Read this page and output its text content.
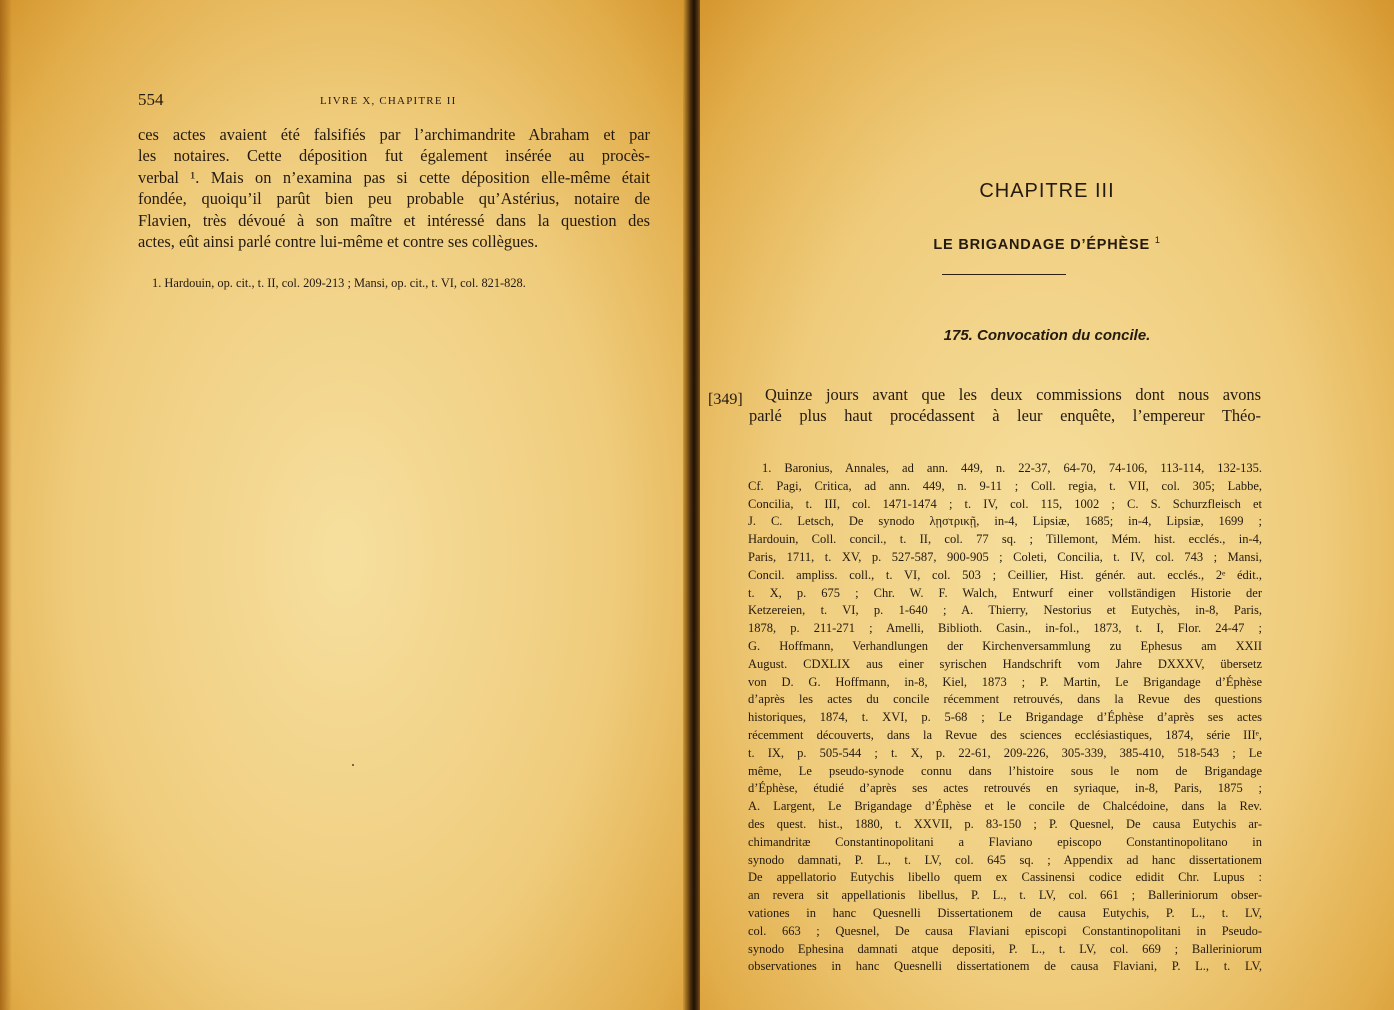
554	LIVRE X, CHAPITRE II
ces actes avaient été falsifiés par l’archimandrite Abraham et par
les notaires. Cette déposition fut également insérée au procès-
verbal ¹. Mais on n’examina pas si cette déposition elle-même était
fondée, quoiqu’il parût bien peu probable qu’Astérius, notaire de
Flavien, très dévoué à son maître et intéressé dans la question des
actes, eût ainsi parlé contre lui-même et contre ses collègues.
1. Hardouin, op. cit., t. II, col. 209-213 ; Mansi, op. cit., t. VI, col. 821-828.
CHAPITRE III
LE BRIGANDAGE D’ÉPHÈSE $^1$
175. Convocation du concile.
[349]	Quinze jours avant que les deux commissions dont nous avons
parlé plus haut procédassent à leur enquête, l’empereur Théo-
1. Baronius, Annales, ad ann. 449, n. 22-37, 64-70, 74-106, 113-114, 132-135.
Cf. Pagi, Critica, ad ann. 449, n. 9-11 ; Coll. regia, t. VII, col. 305; Labbe,
Concilia, t. III, col. 1471-1474 ; t. IV, col. 115, 1002 ; C. S. Schurzfleisch et
J. C. Letsch, De synodo λῃστρικῇ, in-4, Lipsiæ, 1685; in-4, Lipsiæ, 1699 ;
Hardouin, Coll. concil., t. II, col. 77 sq. ; Tillemont, Mém. hist. ecclés., in-4,
Paris, 1711, t. XV, p. 527-587, 900-905 ; Coleti, Concilia, t. IV, col. 743 ; Mansi,
Concil. ampliss. coll., t. VI, col. 503 ; Ceillier, Hist. génér. aut. ecclés., 2ᵉ édit.,
t. X, p. 675 ; Chr. W. F. Walch, Entwurf einer vollständigen Historie der
Ketzereien, t. VI, p. 1-640 ; A. Thierry, Nestorius et Eutychès, in-8, Paris,
1878, p. 211-271 ; Amelli, Biblioth. Casin., in-fol., 1873, t. I, Flor. 24-47 ;
G. Hoffmann, Verhandlungen der Kirchenversammlung zu Ephesus am XXII
August. CDXLIX aus einer syrischen Handschrift vom Jahre DXXXV, übersetz
von D. G. Hoffmann, in-8, Kiel, 1873 ; P. Martin, Le Brigandage d’Éphèse
d’après les actes du concile récemment retrouvés, dans la Revue des questions
historiques, 1874, t. XVI, p. 5-68 ; Le Brigandage d’Éphèse d’après ses actes
récemment découverts, dans la Revue des sciences ecclésiastiques, 1874, série IIIᵉ,
t. IX, p. 505-544 ; t. X, p. 22-61, 209-226, 305-339, 385-410, 518-543 ; Le
même, Le pseudo-synode connu dans l’histoire sous le nom de Brigandage
d’Éphèse, étudié d’après ses actes retrouvés en syriaque, in-8, Paris, 1875 ;
A. Largent, Le Brigandage d’Éphèse et le concile de Chalcédoine, dans la Rev.
des quest. hist., 1880, t. XXVII, p. 83-150 ; P. Quesnel, De causa Eutychis ar-
chimandritæ Constantinopolitani a Flaviano episcopo Constantinopolitano in
synodo damnati, P. L., t. LV, col. 645 sq. ; Appendix ad hanc dissertationem
De appellatorio Eutychis libello quem ex Cassinensi codice edidit Chr. Lupus :
an revera sit appellationis libellus, P. L., t. LV, col. 661 ; Balleriniorum obser-
vationes in hanc Quesnelli Dissertationem de causa Eutychis, P. L., t. LV,
col. 663 ; Quesnel, De causa Flaviani episcopi Constantinopolitani in Pseudo-
synodo Ephesina damnati atque depositi, P. L., t. LV, col. 669 ; Balleriniorum
observationes in hanc Quesnelli dissertationem de causa Flaviani, P. L., t. LV,
